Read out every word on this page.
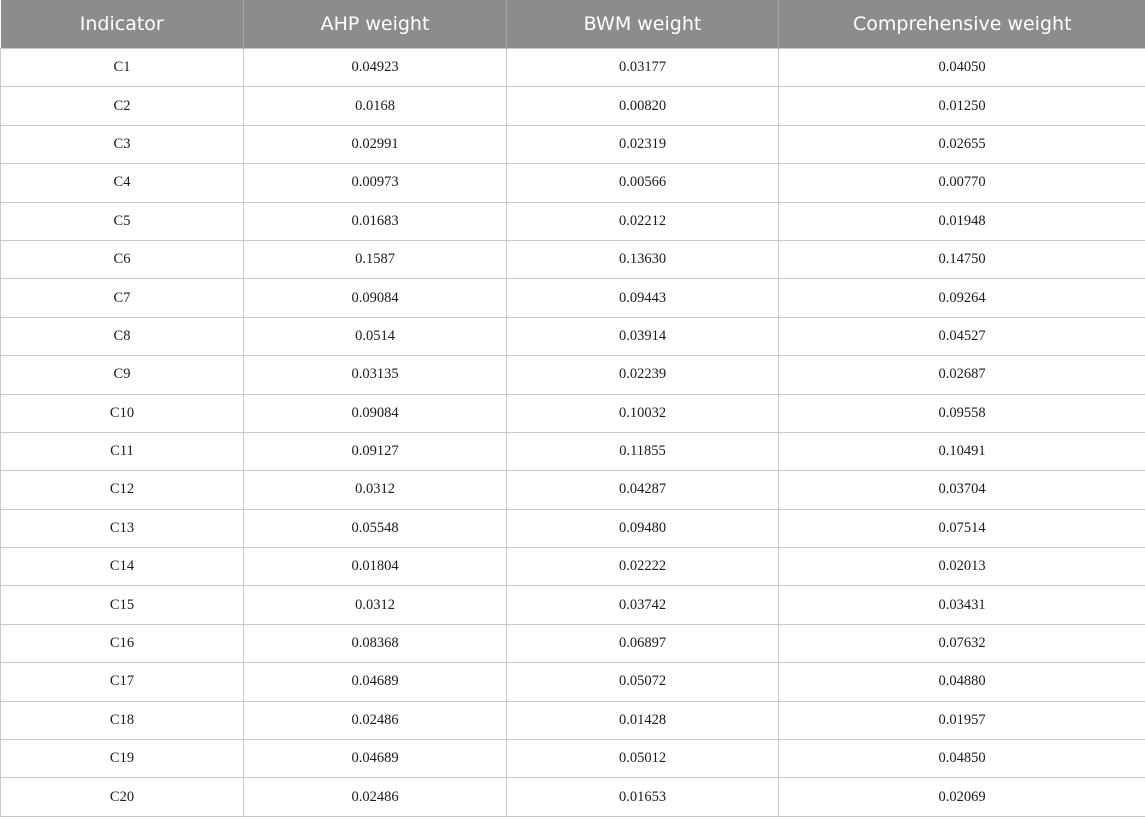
Indicator	AHP weight	BWM weight	Comprehensive weight
C1	0.04923	0.03177	0.04050
C2	0.0168	0.00820	0.01250
C3	0.02991	0.02319	0.02655
C4	0.00973	0.00566	0.00770
C5	0.01683	0.02212	0.01948
C6	0.1587	0.13630	0.14750
C7	0.09084	0.09443	0.09264
C8	0.0514	0.03914	0.04527
C9	0.03135	0.02239	0.02687
C10	0.09084	0.10032	0.09558
C11	0.09127	0.11855	0.10491
C12	0.0312	0.04287	0.03704
C13	0.05548	0.09480	0.07514
C14	0.01804	0.02222	0.02013
C15	0.0312	0.03742	0.03431
C16	0.08368	0.06897	0.07632
C17	0.04689	0.05072	0.04880
C18	0.02486	0.01428	0.01957
C19	0.04689	0.05012	0.04850
C20	0.02486	0.01653	0.02069
